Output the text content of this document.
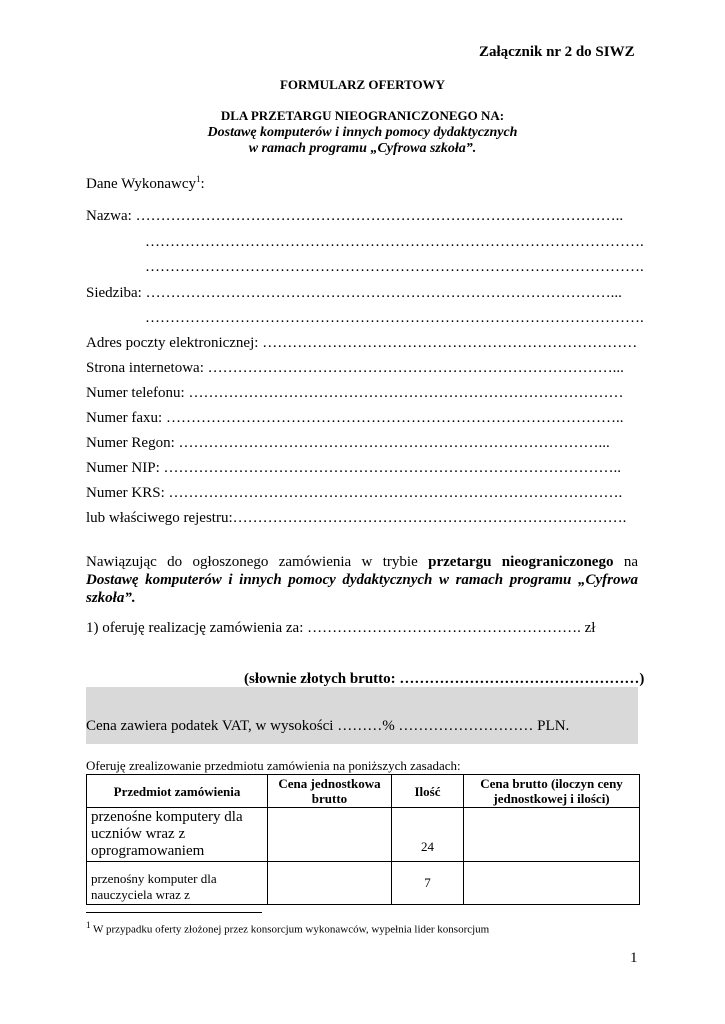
Załącznik nr 2 do SIWZ
FORMULARZ OFERTOWY
DLA PRZETARGU NIEOGRANICZONEGO NA:
Dostawę komputerów i innych pomocy dydaktycznych
w ramach programu „Cyfrowa szkoła”.
Dane Wykonawcy$^1$:
Nazwa: ……………………………………………………………………………………..
……………………………………………………………………………………….
……………………………………………………………………………………….
Siedziba: …………………………………………………………………………………...
……………………………………………………………………………………….
Adres poczty elektronicznej: …………………………………………………………………
Strona internetowa: ………………………………………………………………………...
Numer telefonu: ……………………………………………………………………………
Numer faxu: ………………………………………………………………………………..
Numer Regon: …………………………………………………………………………...
Numer NIP: ………………………………………………………………………………..
Numer KRS: ……………………………………………………………………………….
lub właściwego rejestru:…………………………………………………………………….
Nawiązując do ogłoszonego zamówienia w trybie przetargu nieograniczonego na Dostawę komputerów i innych pomocy dydaktycznych w ramach programu „Cyfrowa szkoła”.
1) oferuję realizację zamówienia za: ………………………………………………. zł
(słownie złotych brutto: …………………………………………)
Cena zawiera podatek VAT, w wysokości ………% ……………………… PLN.
Oferuję zrealizowanie przedmiotu zamówienia na poniższych zasadach:
Przedmiot zamówienia	Cena jednostkowa brutto	Ilość	Cena brutto (iloczyn ceny jednostkowej i ilości)
przenośne komputery dla uczniów wraz z oprogramowaniem		24	
przenośny komputer dla nauczyciela wraz z		7	
$^1$ W przypadku oferty złożonej przez konsorcjum wykonawców, wypełnia lider konsorcjum
1
